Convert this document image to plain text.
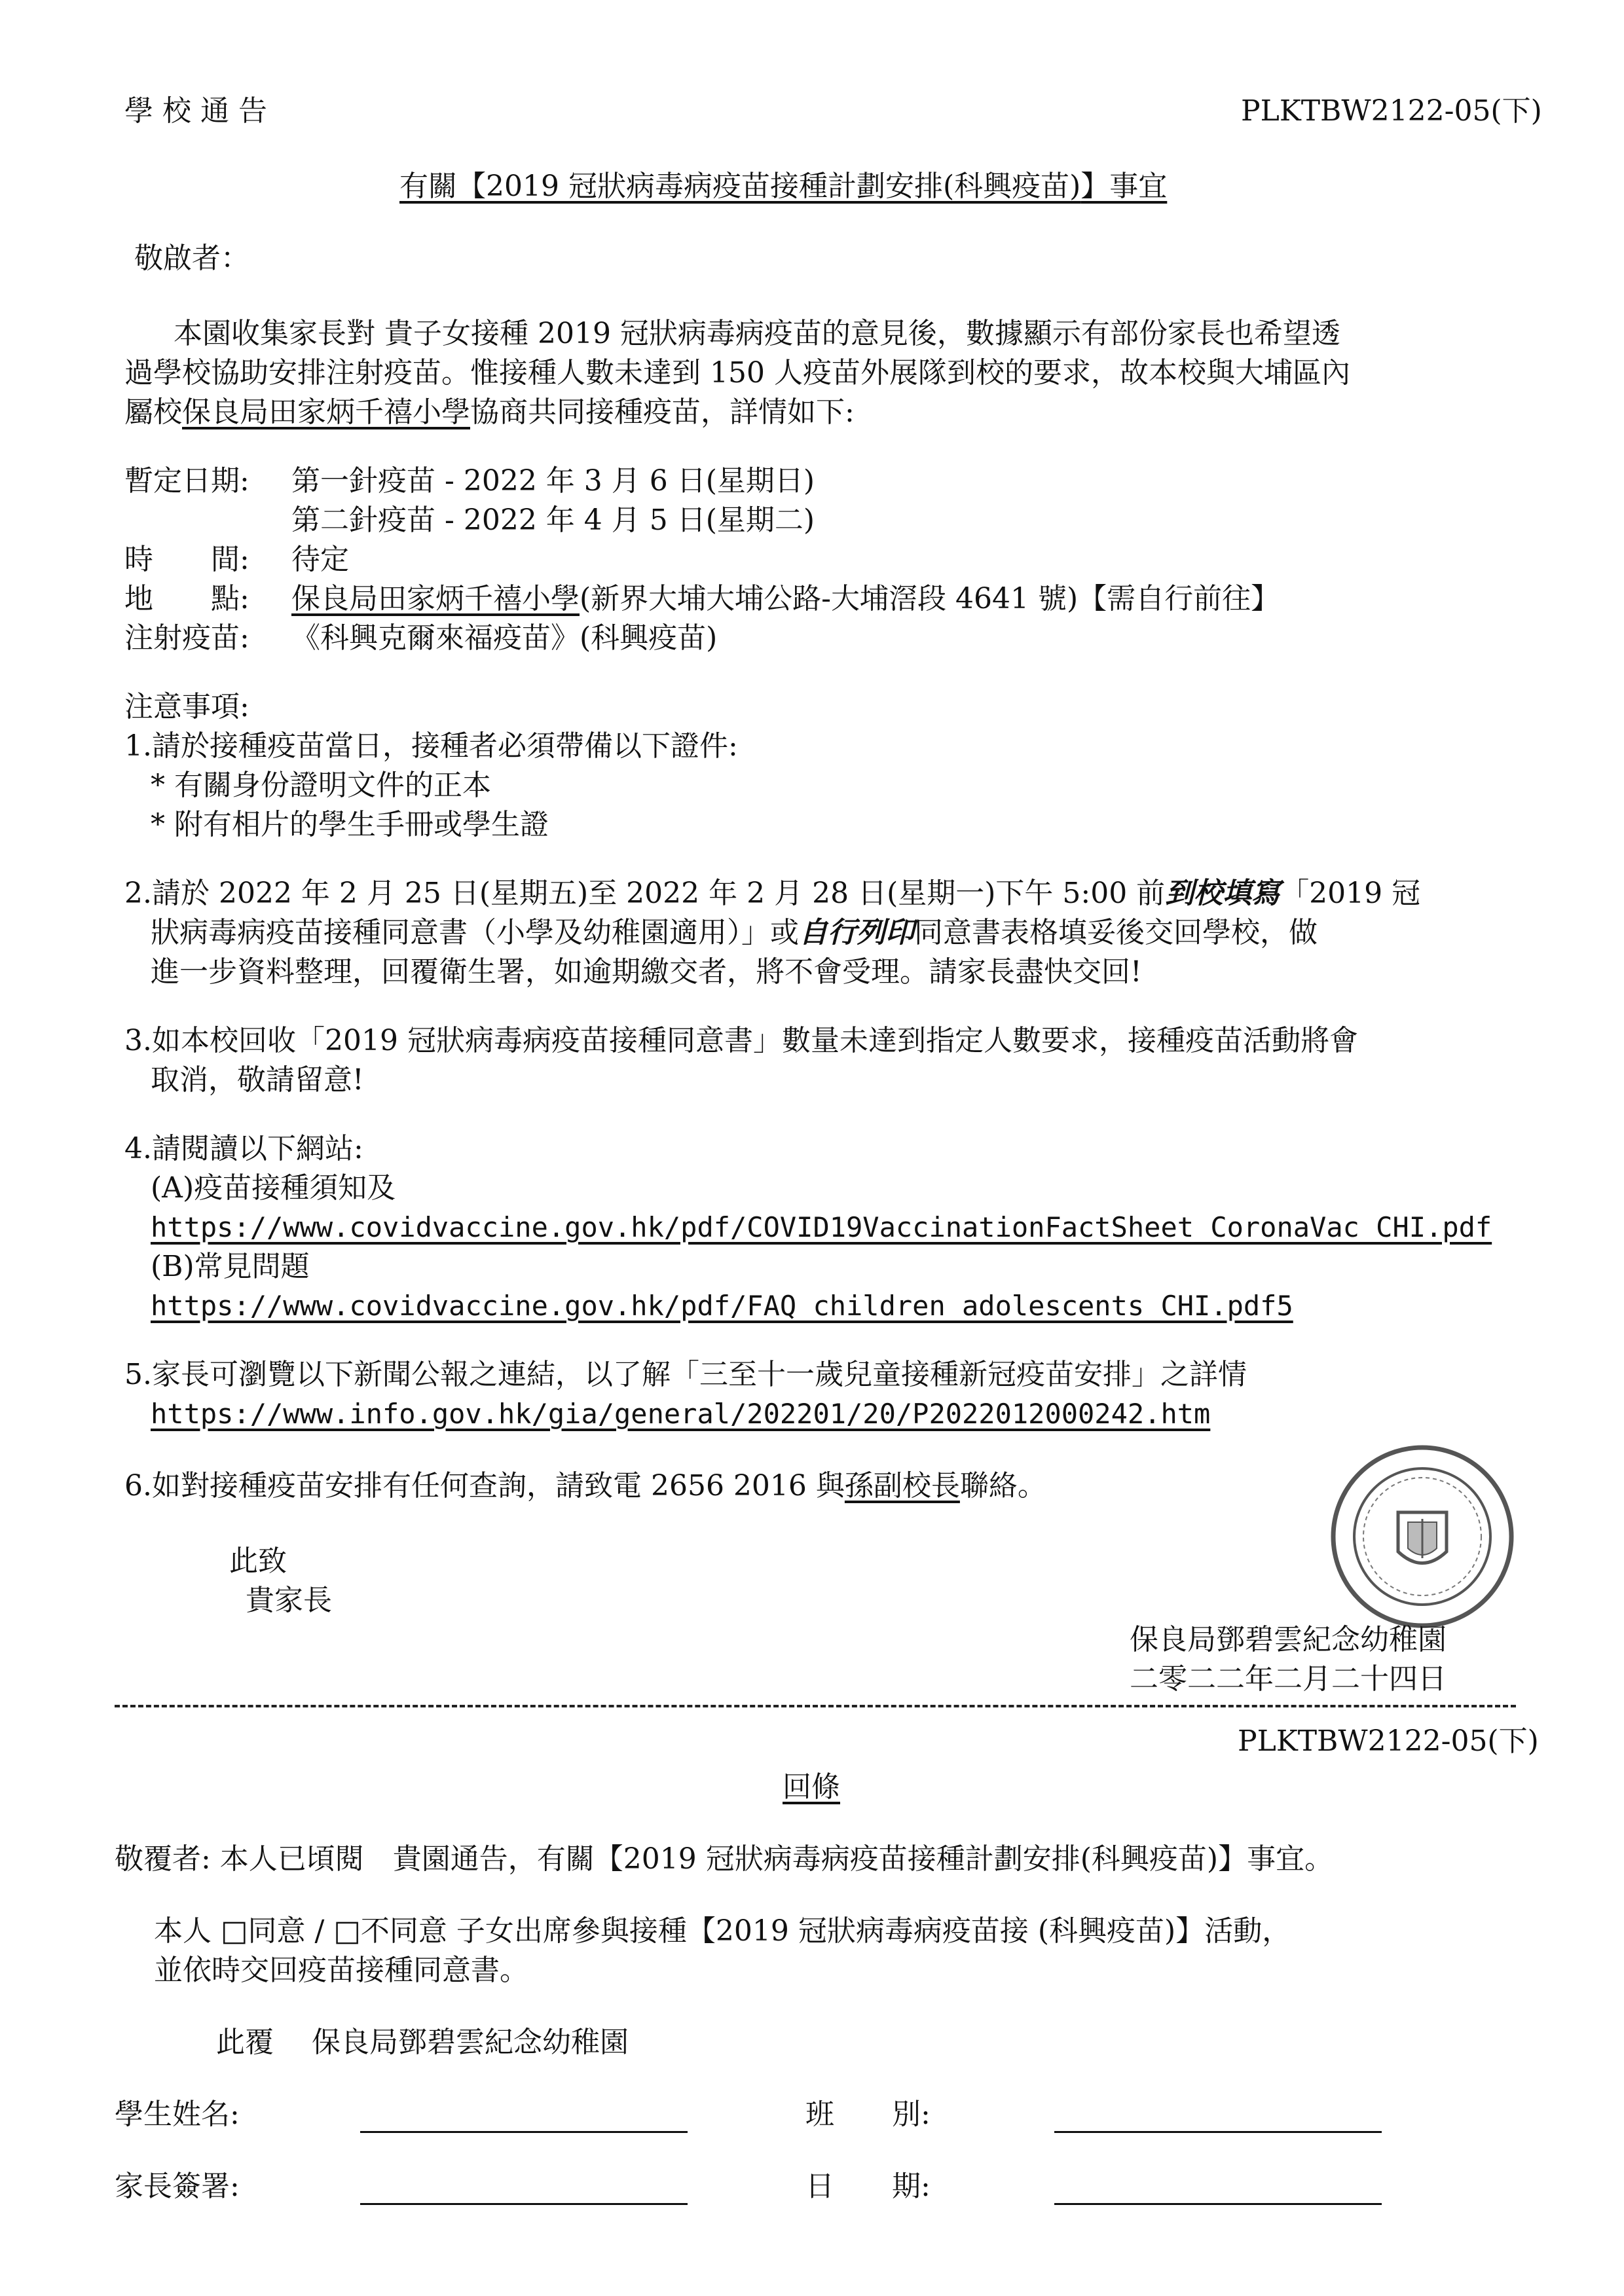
學 校 通 告	PLKTBW2122-05(下)
有關【2019 冠狀病毒病疫苗接種計劃安排(科興疫苗)】事宜
敬啟者：
本園收集家長對 貴子女接種 2019 冠狀病毒病疫苗的意見後，數據顯示有部份家長也希望透
過學校協助安排注射疫苗。惟接種人數未達到 150 人疫苗外展隊到校的要求，故本校與大埔區內
屬校保良局田家炳千禧小學協商共同接種疫苗，詳情如下:
暫定日期: 第一針疫苗 - 2022 年 3 月 6 日(星期日)
第二針疫苗 - 2022 年 4 月 5 日(星期二)
時　　間: 待定
地　　點: 保良局田家炳千禧小學(新界大埔大埔公路-大埔滘段 4641 號)【需自行前往】
注射疫苗: 《科興克爾來福疫苗》(科興疫苗)
注意事項:
1.請於接種疫苗當日，接種者必須帶備以下證件:
* 有關身份證明文件的正本
* 附有相片的學生手冊或學生證
2.請於 2022 年 2 月 25 日(星期五)至 2022 年 2 月 28 日(星期一)下午 5:00 前到校填寫「2019 冠
狀病毒病疫苗接種同意書（小學及幼稚園適用）」或自行列印同意書表格填妥後交回學校，做
進一步資料整理，回覆衛生署，如逾期繳交者，將不會受理。請家長盡快交回!
3.如本校回收「2019 冠狀病毒病疫苗接種同意書」數量未達到指定人數要求，接種疫苗活動將會
取消，敬請留意!
4.請閱讀以下網站:
(A)疫苗接種須知及
https://www.covidvaccine.gov.hk/pdf/COVID19VaccinationFactSheet_CoronaVac_CHI.pdf
(B)常見問題
https://www.covidvaccine.gov.hk/pdf/FAQ_children_adolescents_CHI.pdf5
5.家長可瀏覽以下新聞公報之連結，以了解「三至十一歲兒童接種新冠疫苗安排」之詳情
https://www.info.gov.hk/gia/general/202201/20/P2022012000242.htm
6.如對接種疫苗安排有任何查詢，請致電 2656 2016 與孫副校長聯絡。
此致
貴家長
保良局鄧碧雲紀念幼稚園
二零二二年二月二十四日
PLKTBW2122-05(下)
回條
敬覆者: 本人已頃閱　貴園通告，有關【2019 冠狀病毒病疫苗接種計劃安排(科興疫苗)】事宜。
本人 □同意 / □不同意 子女出席參與接種【2019 冠狀病毒病疫苗接 (科興疫苗)】活動，
並依時交回疫苗接種同意書。
此覆　 保良局鄧碧雲紀念幼稚園
學生姓名:	班　　別:
家長簽署:	日　　期:
